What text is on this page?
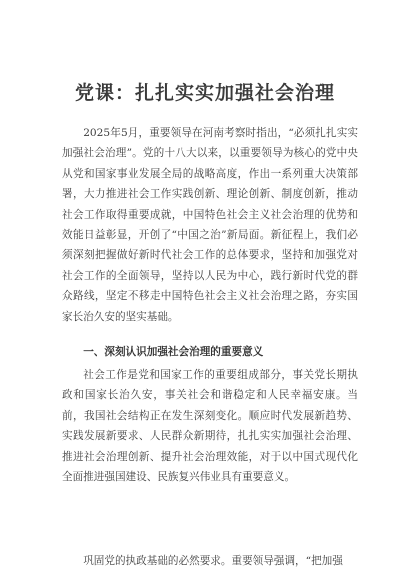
党课：扎扎实实加强社会治理

2025年5月，重要领导在河南考察时指出，“必须扎扎实实加强社会治理”。党的十八大以来，以重要领导为核心的党中央从党和国家事业发展全局的战略高度，作出一系列重大决策部署，大力推进社会工作实践创新、理论创新、制度创新，推动社会工作取得重要成就，中国特色社会主义社会治理的优势和效能日益彰显，开创了“中国之治”新局面。新征程上，我们必须深刻把握做好新时代社会工作的总体要求，坚持和加强党对社会工作的全面领导，坚持以人民为中心，践行新时代党的群众路线，坚定不移走中国特色社会主义社会治理之路，夯实国家长治久安的坚实基础。

一、深刻认识加强社会治理的重要意义

社会工作是党和国家工作的重要组成部分，事关党长期执政和国家长治久安，事关社会和谐稳定和人民幸福安康。当前，我国社会结构正在发生深刻变化。顺应时代发展新趋势、实践发展新要求、人民群众新期待，扎扎实实加强社会治理、推进社会治理创新、提升社会治理效能，对于以中国式现代化全面推进强国建设、民族复兴伟业具有重要意义。

巩固党的执政基础的必然要求。重要领导强调，“把加强
